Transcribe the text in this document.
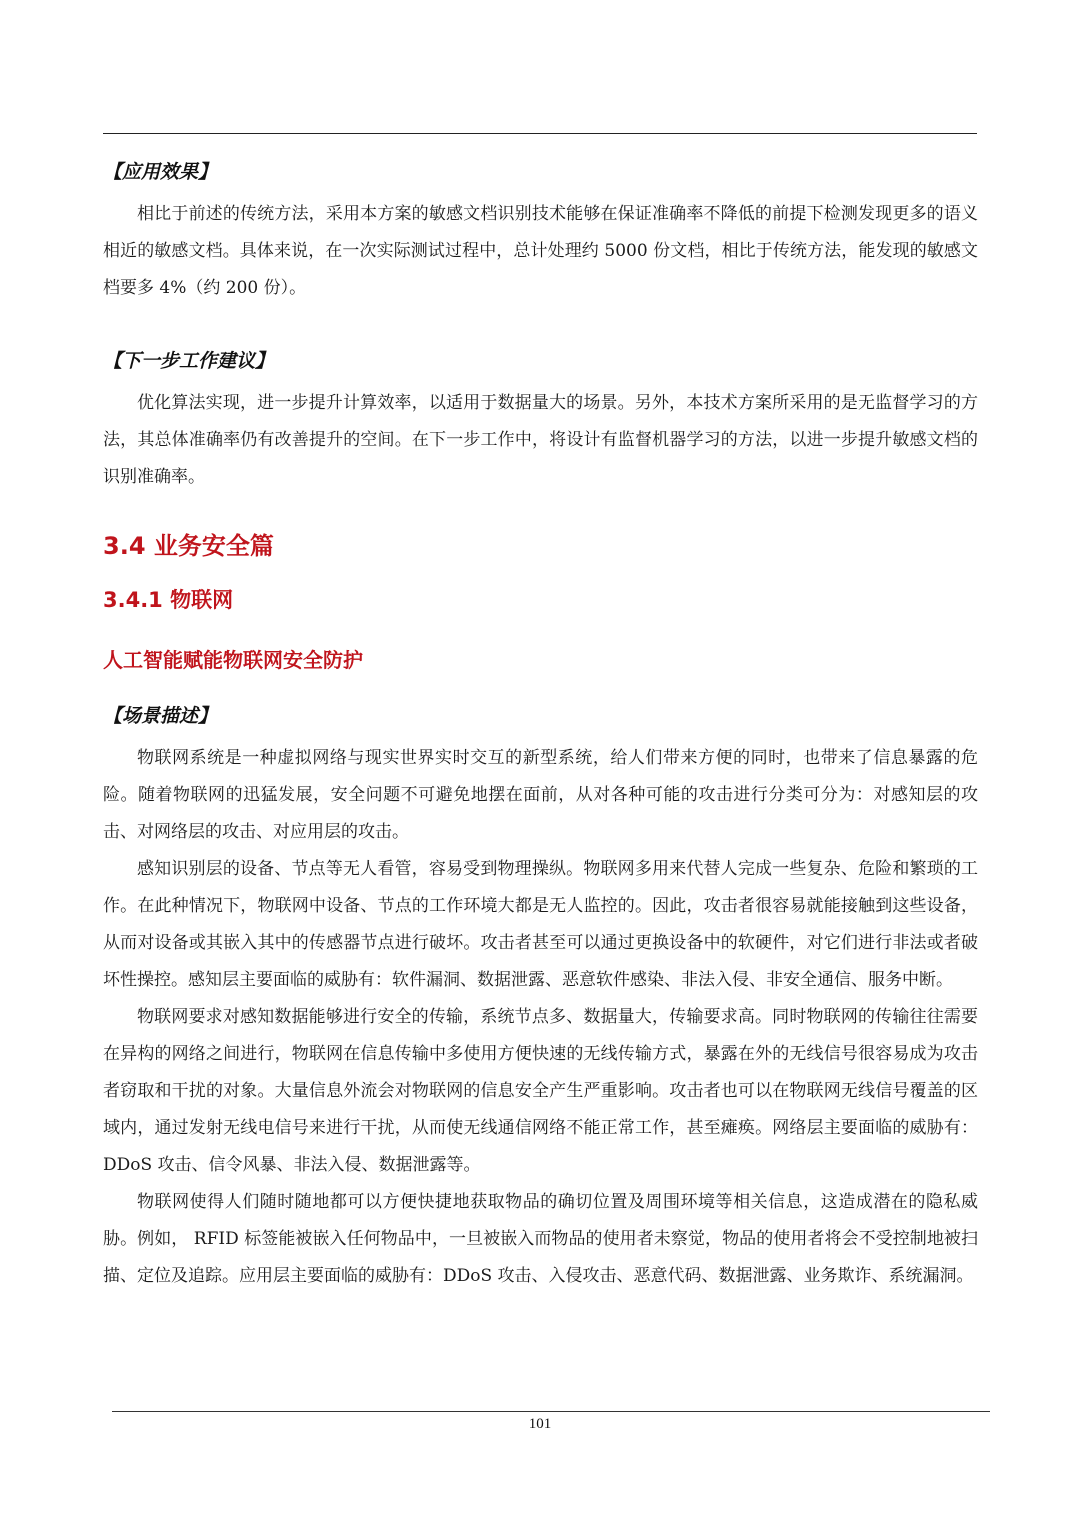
【应用效果】

相比于前述的传统方法，采用本方案的敏感文档识别技术能够在保证准确率不降低的前提下检测发现更多的语义相近的敏感文档。具体来说，在一次实际测试过程中，总计处理约 5000 份文档，相比于传统方法，能发现的敏感文档要多 4%（约 200 份）。

【下一步工作建议】

优化算法实现，进一步提升计算效率，以适用于数据量大的场景。另外，本技术方案所采用的是无监督学习的方法，其总体准确率仍有改善提升的空间。在下一步工作中，将设计有监督机器学习的方法，以进一步提升敏感文档的识别准确率。

3.4 业务安全篇
3.4.1 物联网
人工智能赋能物联网安全防护

【场景描述】

物联网系统是一种虚拟网络与现实世界实时交互的新型系统，给人们带来方便的同时，也带来了信息暴露的危险。随着物联网的迅猛发展，安全问题不可避免地摆在面前，从对各种可能的攻击进行分类可分为：对感知层的攻击、对网络层的攻击、对应用层的攻击。

感知识别层的设备、节点等无人看管，容易受到物理操纵。物联网多用来代替人完成一些复杂、危险和繁琐的工作。在此种情况下，物联网中设备、节点的工作环境大都是无人监控的。因此，攻击者很容易就能接触到这些设备，从而对设备或其嵌入其中的传感器节点进行破坏。攻击者甚至可以通过更换设备中的软硬件，对它们进行非法或者破坏性操控。感知层主要面临的威胁有：软件漏洞、数据泄露、恶意软件感染、非法入侵、非安全通信、服务中断。

物联网要求对感知数据能够进行安全的传输，系统节点多、数据量大，传输要求高。同时物联网的传输往往需要在异构的网络之间进行，物联网在信息传输中多使用方便快速的无线传输方式，暴露在外的无线信号很容易成为攻击者窃取和干扰的对象。大量信息外流会对物联网的信息安全产生严重影响。攻击者也可以在物联网无线信号覆盖的区域内，通过发射无线电信号来进行干扰，从而使无线通信网络不能正常工作，甚至瘫痪。网络层主要面临的威胁有：DDoS 攻击、信令风暴、非法入侵、数据泄露等。

物联网使得人们随时随地都可以方便快捷地获取物品的确切位置及周围环境等相关信息，这造成潜在的隐私威胁。例如， RFID 标签能被嵌入任何物品中，一旦被嵌入而物品的使用者未察觉，物品的使用者将会不受控制地被扫描、定位及追踪。应用层主要面临的威胁有：DDoS 攻击、入侵攻击、恶意代码、数据泄露、业务欺诈、系统漏洞。

101
